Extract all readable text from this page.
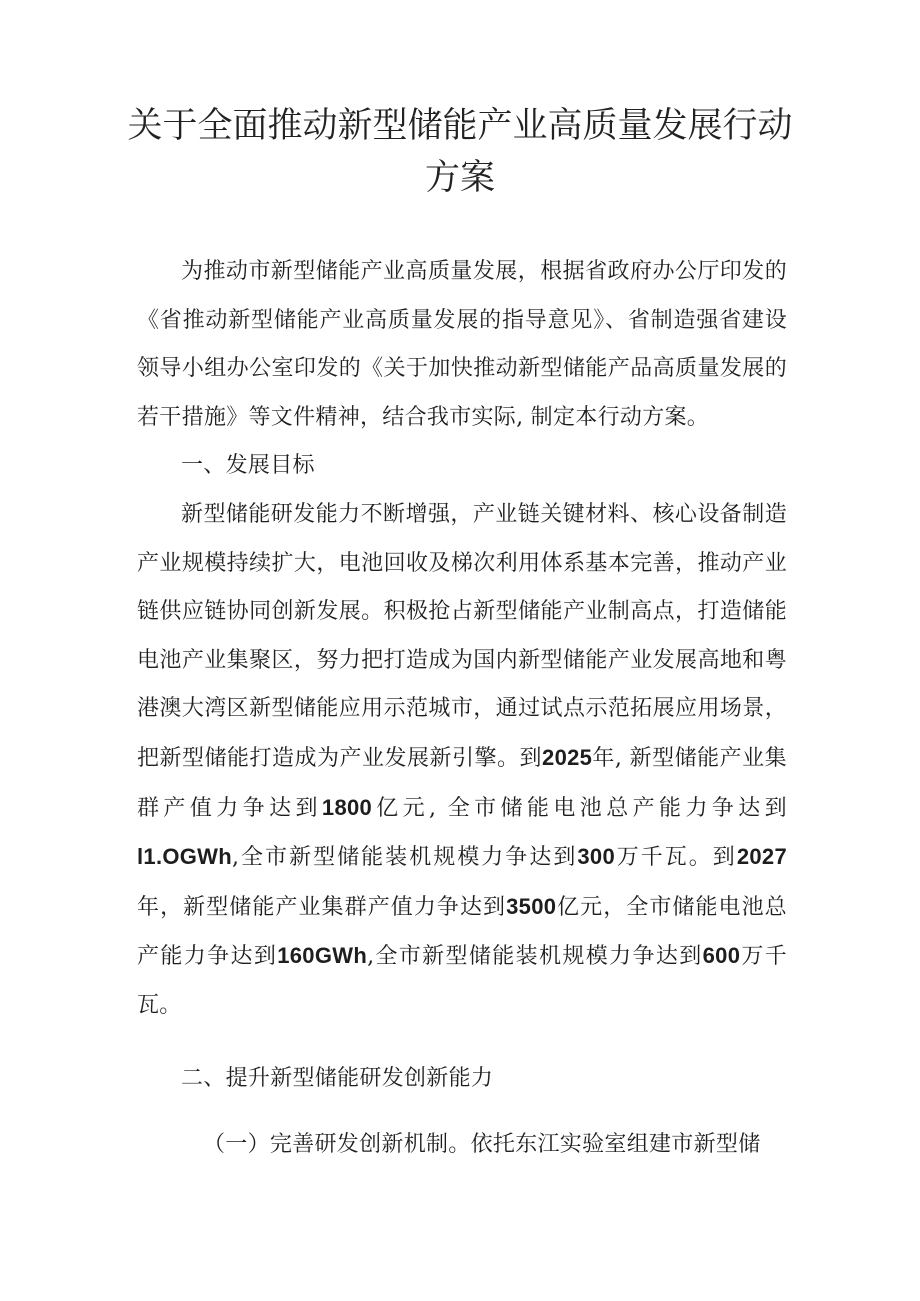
关于全面推动新型储能产业高质量发展行动方案

为推动市新型储能产业高质量发展，根据省政府办公厅印发的《省推动新型储能产业高质量发展的指导意见》、省制造强省建设领导小组办公室印发的《关于加快推动新型储能产品高质量发展的若干措施》等文件精神，结合我市实际, 制定本行动方案。

一、发展目标

新型储能研发能力不断增强，产业链关键材料、核心设备制造产业规模持续扩大，电池回收及梯次利用体系基本完善，推动产业链供应链协同创新发展。积极抢占新型储能产业制高点，打造储能电池产业集聚区，努力把打造成为国内新型储能产业发展高地和粤港澳大湾区新型储能应用示范城市，通过试点示范拓展应用场景，把新型储能打造成为产业发展新引擎。到2025年, 新型储能产业集群产值力争达到1800亿元, 全市储能电池总产能力争达到l1.OGWh,全市新型储能装机规模力争达到300万千瓦。到2027年，新型储能产业集群产值力争达到3500亿元，全市储能电池总产能力争达到160GWh,全市新型储能装机规模力争达到600万千瓦。

二、提升新型储能研发创新能力

（一）完善研发创新机制。依托东江实验室组建市新型储
